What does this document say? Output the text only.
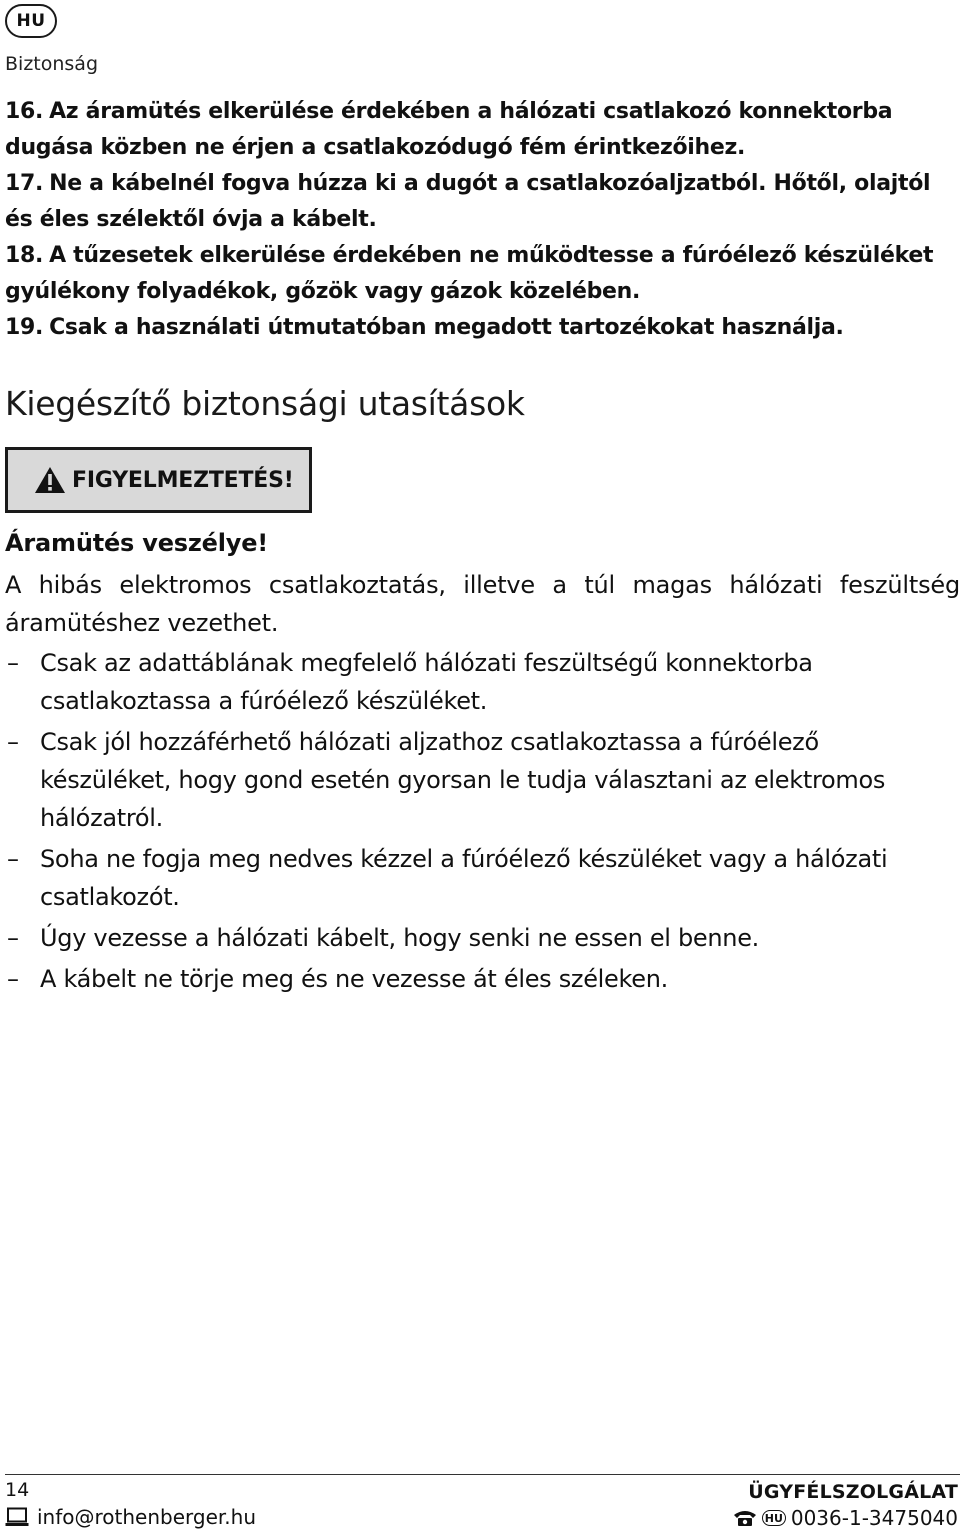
HU
Biztonság
16. Az áramütés elkerülése érdekében a hálózati csatlakozó konnektorba dugása közben ne érjen a csatlakozódugó fém érintkezőihez.
17. Ne a kábelnél fogva húzza ki a dugót a csatlakozóaljzatból. Hőtől, olajtól és éles szélektől óvja a kábelt.
18. A tűzesetek elkerülése érdekében ne működtesse a fúróélező készüléket gyúlékony folyadékok, gőzök vagy gázok közelében.
19. Csak a használati útmutatóban megadott tartozékokat használja.
Kiegészítő biztonsági utasítások
FIGYELMEZTETÉS!
Áramütés veszélye!
A hibás elektromos csatlakoztatás, illetve a túl magas hálózati feszültség áramütéshez vezethet.
– Csak az adattáblának megfelelő hálózati feszültségű konnektorba csatlakoztassa a fúróélező készüléket.
– Csak jól hozzáférhető hálózati aljzathoz csatlakoztassa a fúróélező készüléket, hogy gond esetén gyorsan le tudja választani az elektromos hálózatról.
– Soha ne fogja meg nedves kézzel a fúróélező készüléket vagy a hálózati csatlakozót.
– Úgy vezesse a hálózati kábelt, hogy senki ne essen el benne.
– A kábelt ne törje meg és ne vezesse át éles széleken.
14	ÜGYFÉLSZOLGÁLAT
info@rothenberger.hu	HU 0036-1-3475040
